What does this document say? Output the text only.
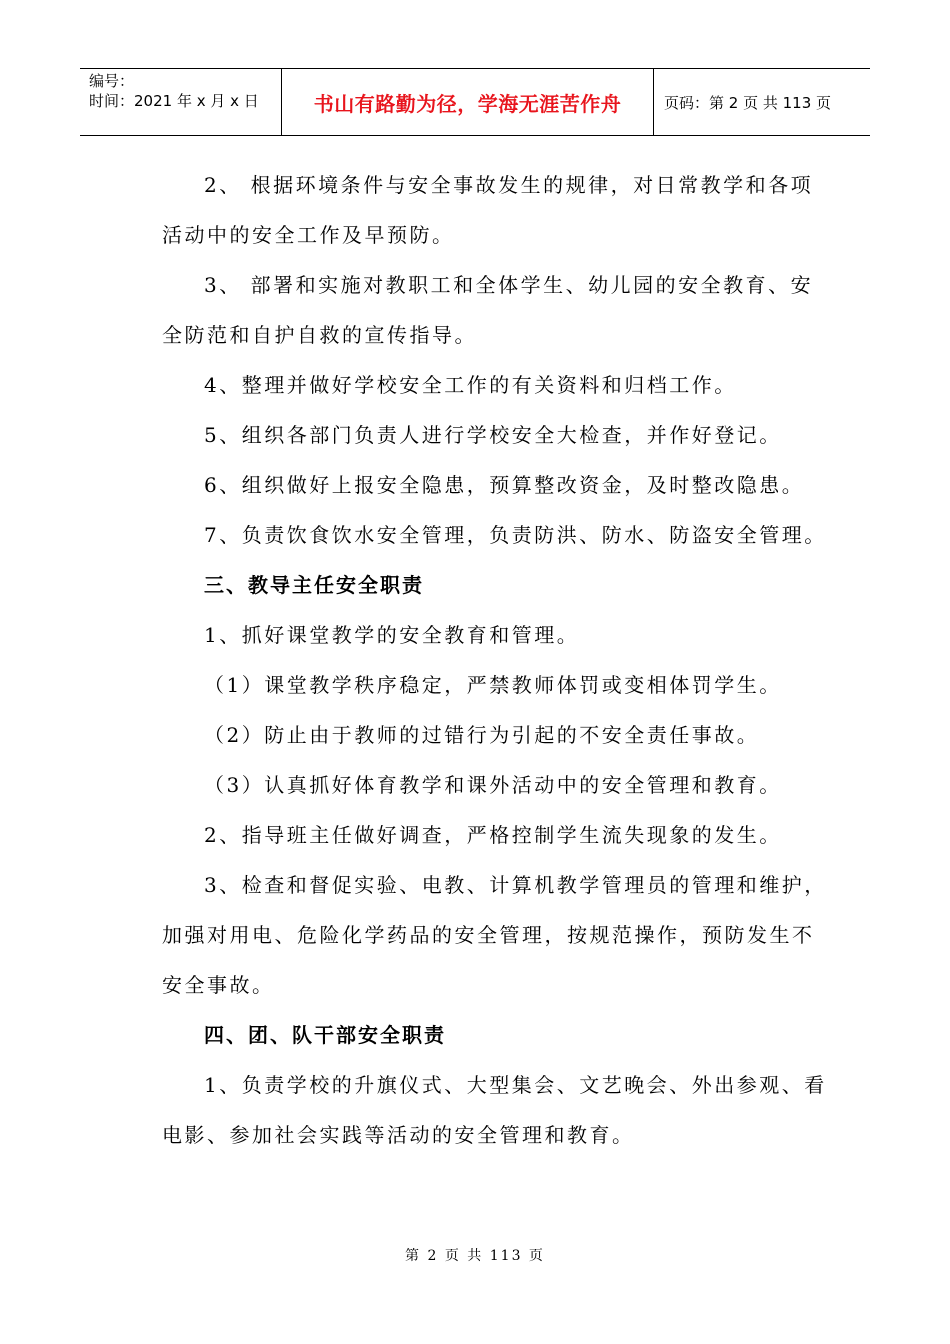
编号：
时间：2021 年 x 月 x 日	书山有路勤为径，学海无涯苦作舟	页码：第 2 页 共 113 页

2、 根据环境条件与安全事故发生的规律，对日常教学和各项
活动中的安全工作及早预防。

3、 部署和实施对教职工和全体学生、幼儿园的安全教育、安
全防范和自护自救的宣传指导。

4、整理并做好学校安全工作的有关资料和归档工作。

5、组织各部门负责人进行学校安全大检查，并作好登记。

6、组织做好上报安全隐患，预算整改资金，及时整改隐患。

7、负责饮食饮水安全管理，负责防洪、防水、防盗安全管理。

三、教导主任安全职责

1、抓好课堂教学的安全教育和管理。

（1）课堂教学秩序稳定，严禁教师体罚或变相体罚学生。

（2）防止由于教师的过错行为引起的不安全责任事故。

（3）认真抓好体育教学和课外活动中的安全管理和教育。

2、指导班主任做好调查，严格控制学生流失现象的发生。

3、检查和督促实验、电教、计算机教学管理员的管理和维护，
加强对用电、危险化学药品的安全管理，按规范操作，预防发生不
安全事故。

四、团、队干部安全职责

1、负责学校的升旗仪式、大型集会、文艺晚会、外出参观、看
电影、参加社会实践等活动的安全管理和教育。

第 2 页 共 113 页
